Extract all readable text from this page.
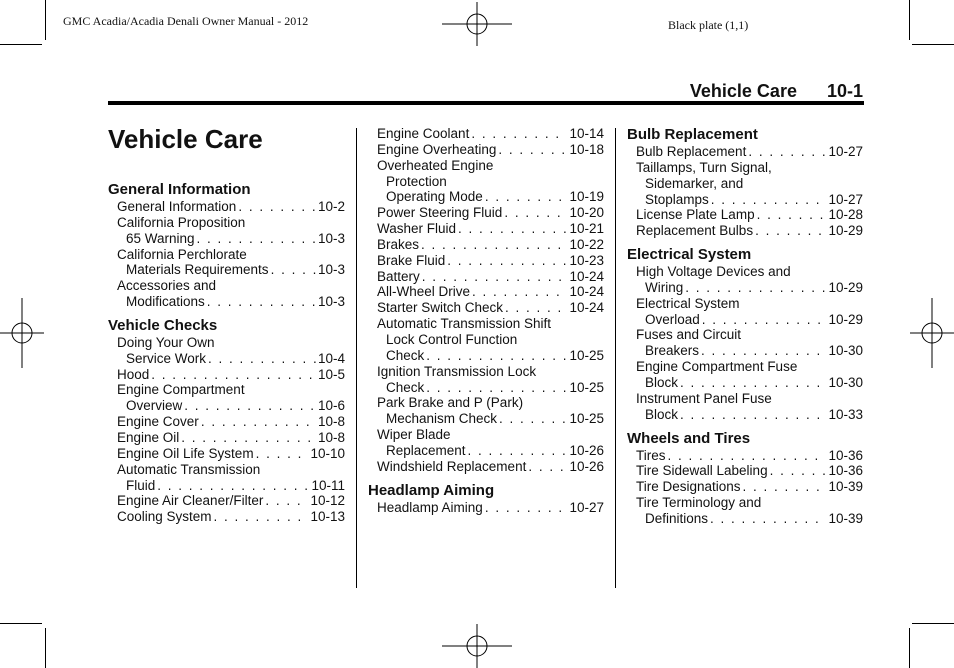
GMC Acadia/Acadia Denali Owner Manual - 2012	Black plate (1,1)
Vehicle Care 10-1
Vehicle Care
General Information
General Information . . .	10-2
California Proposition
65 Warning . . .	10-3
California Perchlorate
Materials Requirements . . .	10-3
Accessories and
Modifications . . .	10-3
Vehicle Checks
Doing Your Own
Service Work . . .	10-4
Hood . . .	10-5
Engine Compartment
Overview . . .	10-6
Engine Cover . . .	10-8
Engine Oil . . .	10-8
Engine Oil Life System . . .	10-10
Automatic Transmission
Fluid . . .	10-11
Engine Air Cleaner/Filter . . .	10-12
Cooling System . . .	10-13
Engine Coolant . . .	10-14
Engine Overheating . . .	10-18
Overheated Engine
Protection
Operating Mode . . .	10-19
Power Steering Fluid . . .	10-20
Washer Fluid . . .	10-21
Brakes . . .	10-22
Brake Fluid . . .	10-23
Battery . . .	10-24
All-Wheel Drive . . .	10-24
Starter Switch Check . . .	10-24
Automatic Transmission Shift
Lock Control Function
Check . . .	10-25
Ignition Transmission Lock
Check . . .	10-25
Park Brake and P (Park)
Mechanism Check . . .	10-25
Wiper Blade
Replacement . . .	10-26
Windshield Replacement . . .	10-26
Headlamp Aiming
Headlamp Aiming . . .	10-27
Bulb Replacement
Bulb Replacement . . .	10-27
Taillamps, Turn Signal,
Sidemarker, and
Stoplamps . . .	10-27
License Plate Lamp . . .	10-28
Replacement Bulbs . . .	10-29
Electrical System
High Voltage Devices and
Wiring . . .	10-29
Electrical System
Overload . . .	10-29
Fuses and Circuit
Breakers . . .	10-30
Engine Compartment Fuse
Block . . .	10-30
Instrument Panel Fuse
Block . . .	10-33
Wheels and Tires
Tires . . .	10-36
Tire Sidewall Labeling . . .	10-36
Tire Designations . . .	10-39
Tire Terminology and
Definitions . . .	10-39
